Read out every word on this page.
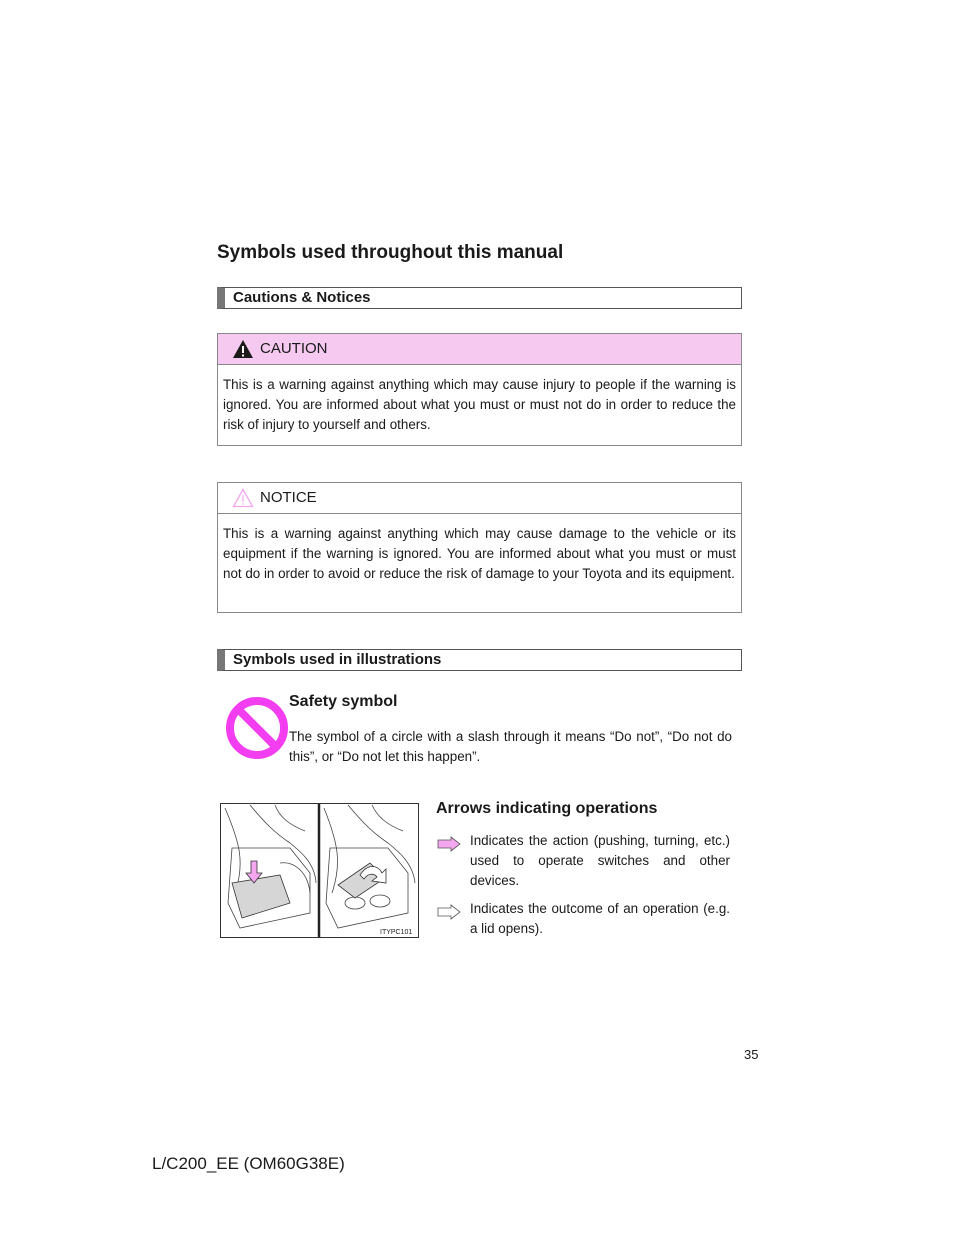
Symbols used throughout this manual
Cautions & Notices
CAUTION
This is a warning against anything which may cause injury to people if the warning is ignored. You are informed about what you must or must not do in order to reduce the risk of injury to yourself and others.
NOTICE
This is a warning against anything which may cause damage to the vehicle or its equipment if the warning is ignored. You are informed about what you must or must not do in order to avoid or reduce the risk of damage to your Toyota and its equipment.
Symbols used in illustrations
Safety symbol
The symbol of a circle with a slash through it means “Do not”, “Do not do this”, or “Do not let this happen”.
ITYPC101
Arrows indicating operations
Indicates the action (pushing, turning, etc.) used to operate switches and other devices.
Indicates the outcome of an operation (e.g. a lid opens).
35
L/C200_EE (OM60G38E)
